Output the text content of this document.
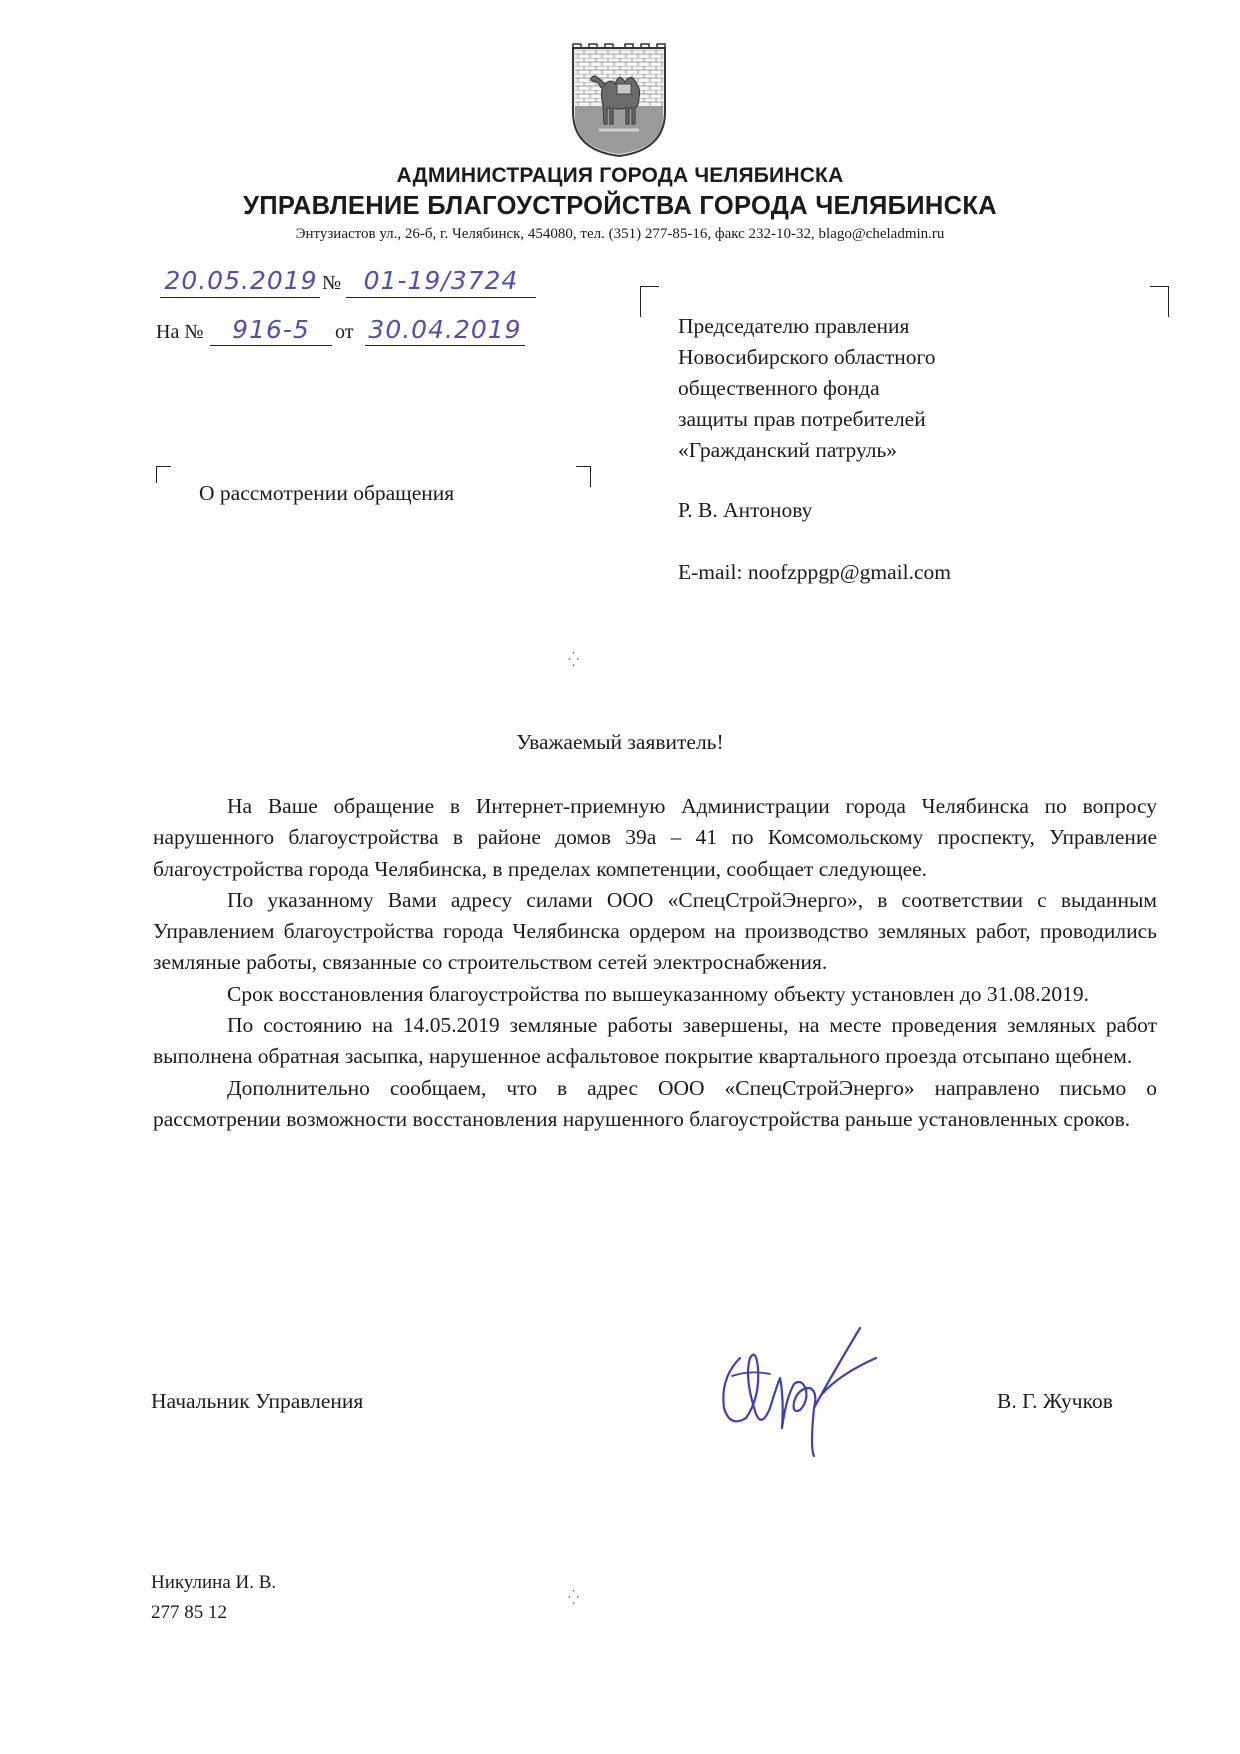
АДМИНИСТРАЦИЯ ГОРОДА ЧЕЛЯБИНСКА
УПРАВЛЕНИЕ БЛАГОУСТРОЙСТВА ГОРОДА ЧЕЛЯБИНСКА
Энтузиастов ул., 26-б, г. Челябинск, 454080, тел. (351) 277-85-16, факс 232-10-32, blago@cheladmin.ru
20.05.2019 № 01-19/3724
На №	916-5	от 30.04.2019	Председателю правления
Новосибирского областного
общественного фонда
защиты прав потребителей
«Гражданский патруль»
Р. В. Антонову
E-mail: noofzppgp@gmail.com
О рассмотрении обращения
⁛
⁛
Уважаемый заявитель!

На Ваше обращение в Интернет-приемную Администрации города Челябинска по вопросу нарушенного благоустройства в районе домов 39а – 41 по Комсомольскому проспекту, Управление благоустройства города Челябинска, в пределах компетенции, сообщает следующее.

По указанному Вами адресу силами ООО «СпецСтройЭнерго», в соответствии с выданным Управлением благоустройства города Челябинска ордером на производство земляных работ, проводились земляные работы, связанные со строительством сетей электроснабжения.

Срок восстановления благоустройства по вышеуказанному объекту установлен до 31.08.2019.

По состоянию на 14.05.2019 земляные работы завершены, на месте проведения земляных работ выполнена обратная засыпка, нарушенное асфальтовое покрытие квартального проезда отсыпано щебнем.

Дополнительно сообщаем, что в адрес ООО «СпецСтройЭнерго» направлено письмо о рассмотрении возможности восстановления нарушенного благоустройства раньше установленных сроков.

Начальник Управления	В. Г. Жучков
Никулина И. В.
277 85 12
